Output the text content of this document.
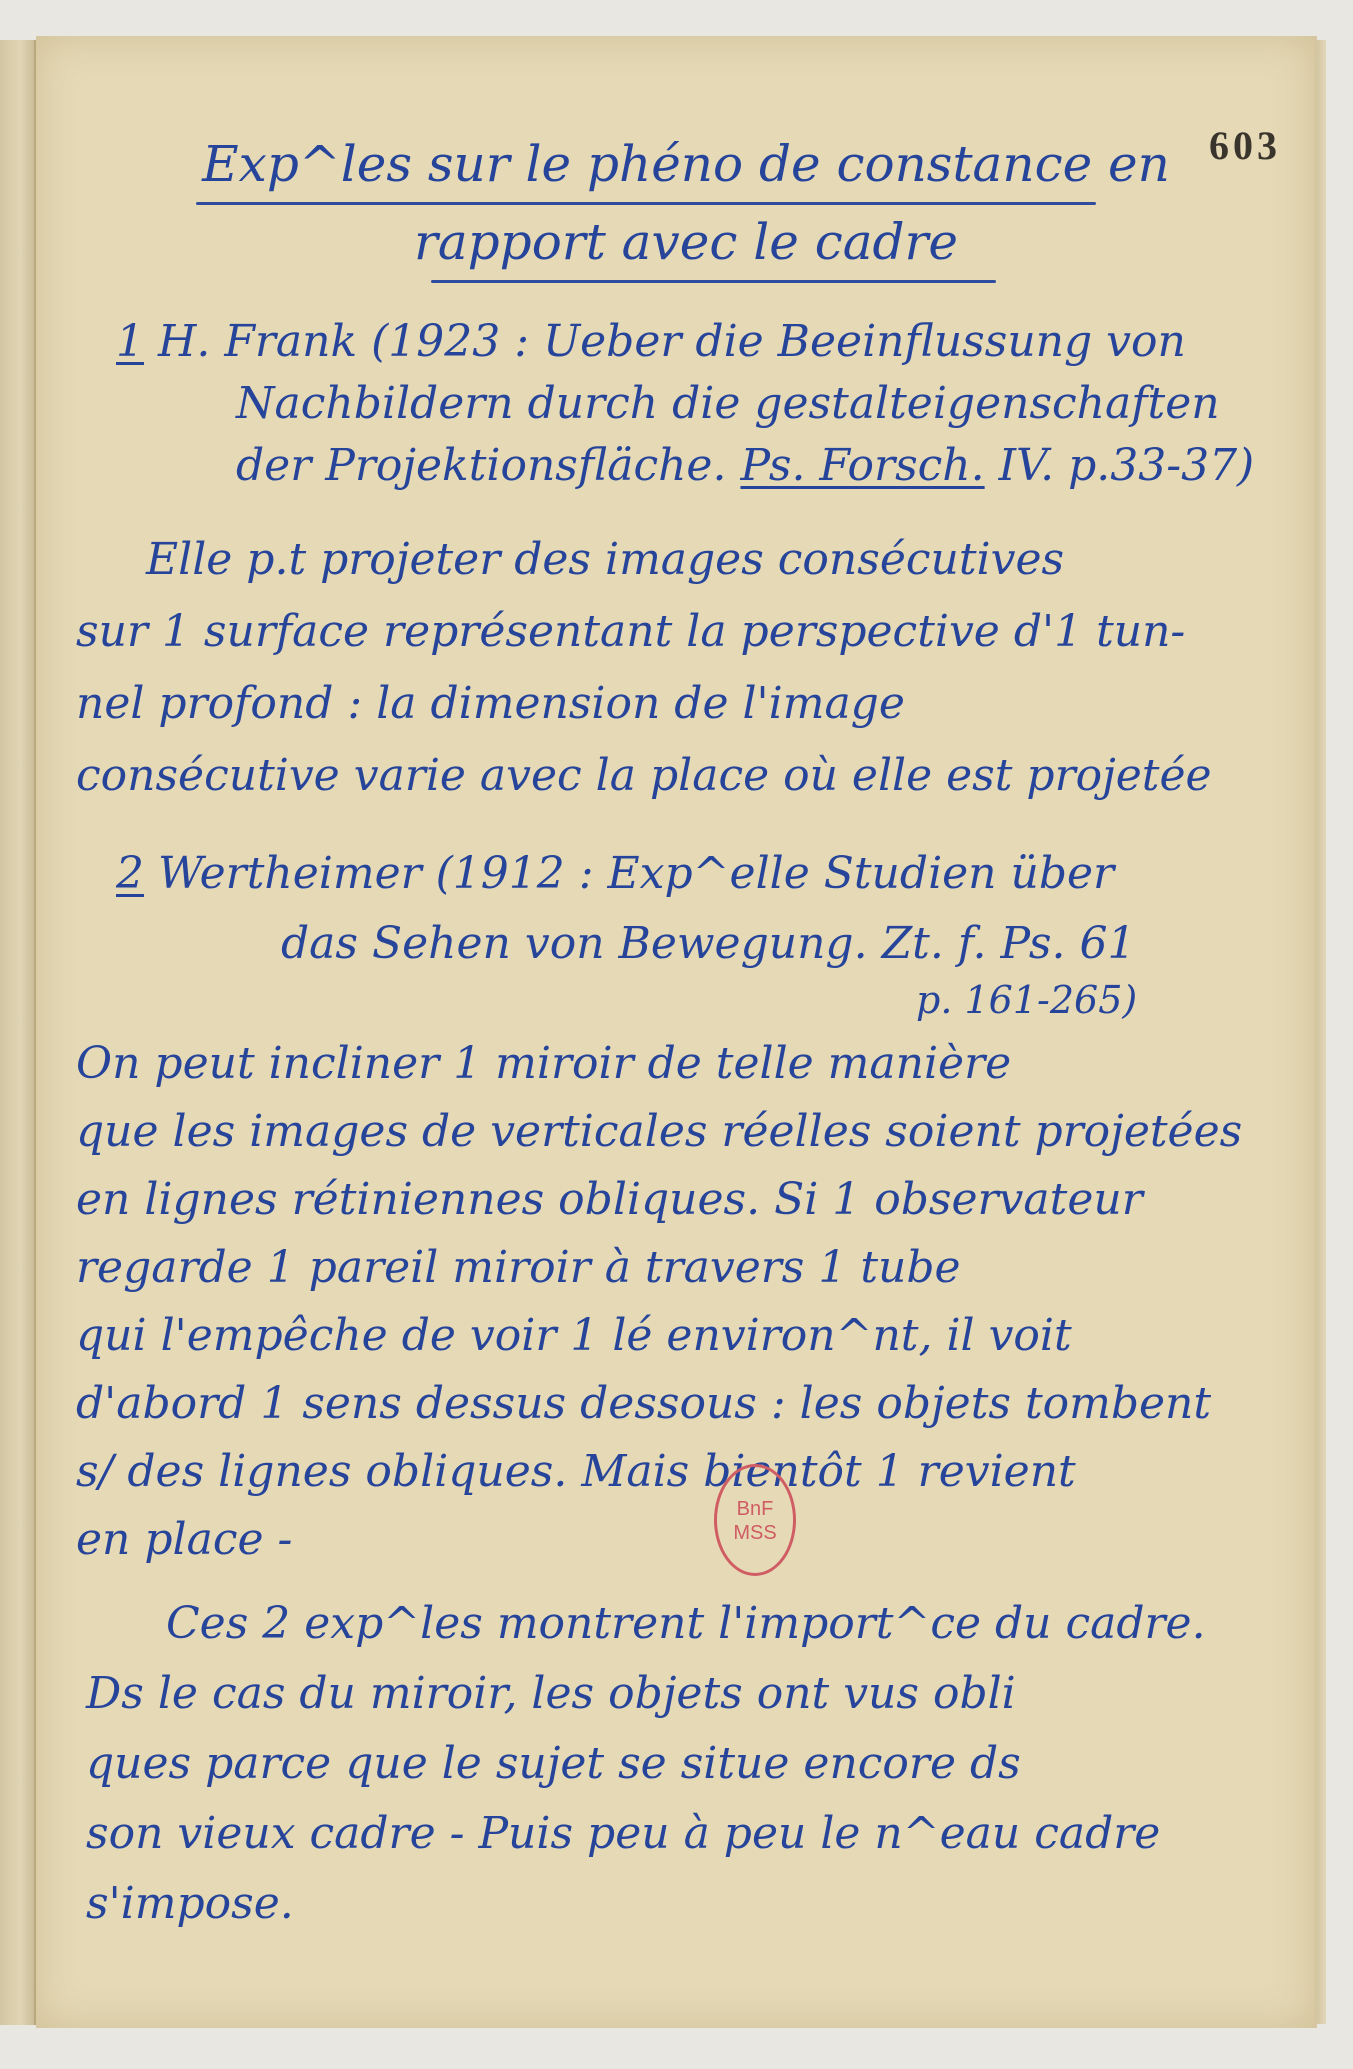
603
Exp^les sur le phéno de constance en
rapport avec le cadre
1 H. Frank (1923 : Ueber die Beeinflussung von
Nachbildern durch die gestalteigenschaften
der Projektionsfläche. Ps. Forsch. IV. p.33-37)
Elle p.t projeter des images consécutives
sur 1 surface représentant la perspective d'1 tun-
nel profond : la dimension de l'image
consécutive varie avec la place où elle est projetée
2 Wertheimer (1912 : Exp^elle Studien über
das Sehen von Bewegung. Zt. f. Ps. 61
p. 161-265)
On peut incliner 1 miroir de telle manière
que les images de verticales réelles soient projetées
en lignes rétiniennes obliques. Si 1 observateur
regarde 1 pareil miroir à travers 1 tube
qui l'empêche de voir 1 lé environ^nt, il voit
d'abord 1 sens dessus dessous : les objets tombent
s/ des lignes obliques. Mais bientôt 1 revient
en place -
Ces 2 exp^les montrent l'import^ce du cadre.
Ds le cas du miroir, les objets ont vus obli
ques parce que le sujet se situe encore ds
son vieux cadre - Puis peu à peu le n^eau cadre
s'impose.
BnF
MSS
